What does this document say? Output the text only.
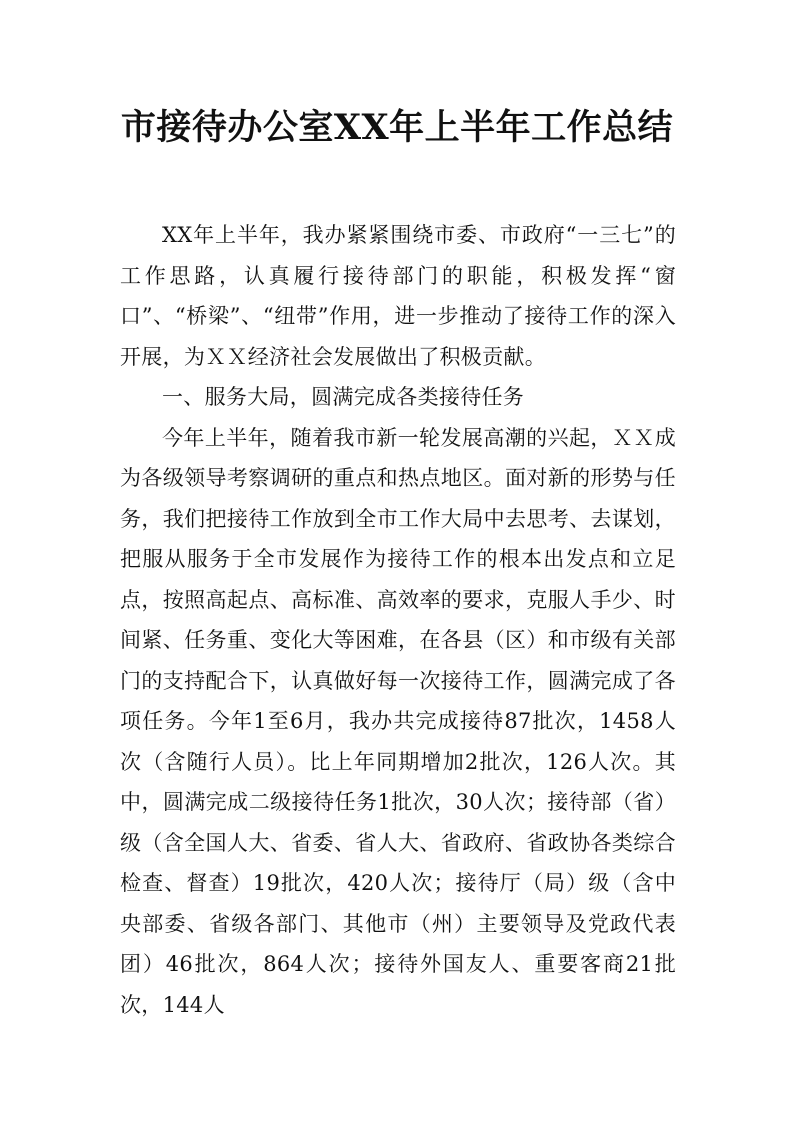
市接待办公室XX年上半年工作总结

XX年上半年，我办紧紧围绕市委、市政府“一三七”的工作思路，认真履行接待部门的职能，积极发挥“窗口”、“桥梁”、“纽带”作用，进一步推动了接待工作的深入开展，为ＸＸ经济社会发展做出了积极贡献。

一、服务大局，圆满完成各类接待任务

今年上半年，随着我市新一轮发展高潮的兴起，ＸＸ成为各级领导考察调研的重点和热点地区。面对新的形势与任务，我们把接待工作放到全市工作大局中去思考、去谋划，把服从服务于全市发展作为接待工作的根本出发点和立足点，按照高起点、高标准、高效率的要求，克服人手少、时间紧、任务重、变化大等困难，在各县（区）和市级有关部门的支持配合下，认真做好每一次接待工作，圆满完成了各项任务。今年1至6月，我办共完成接待87批次，1458人次（含随行人员）。比上年同期增加2批次，126人次。其中，圆满完成二级接待任务1批次，30人次；接待部（省）级（含全国人大、省委、省人大、省政府、省政协各类综合检查、督查）19批次，420人次；接待厅（局）级（含中央部委、省级各部门、其他市（州）主要领导及党政代表团）46批次，864人次；接待外国友人、重要客商21批次，144人
